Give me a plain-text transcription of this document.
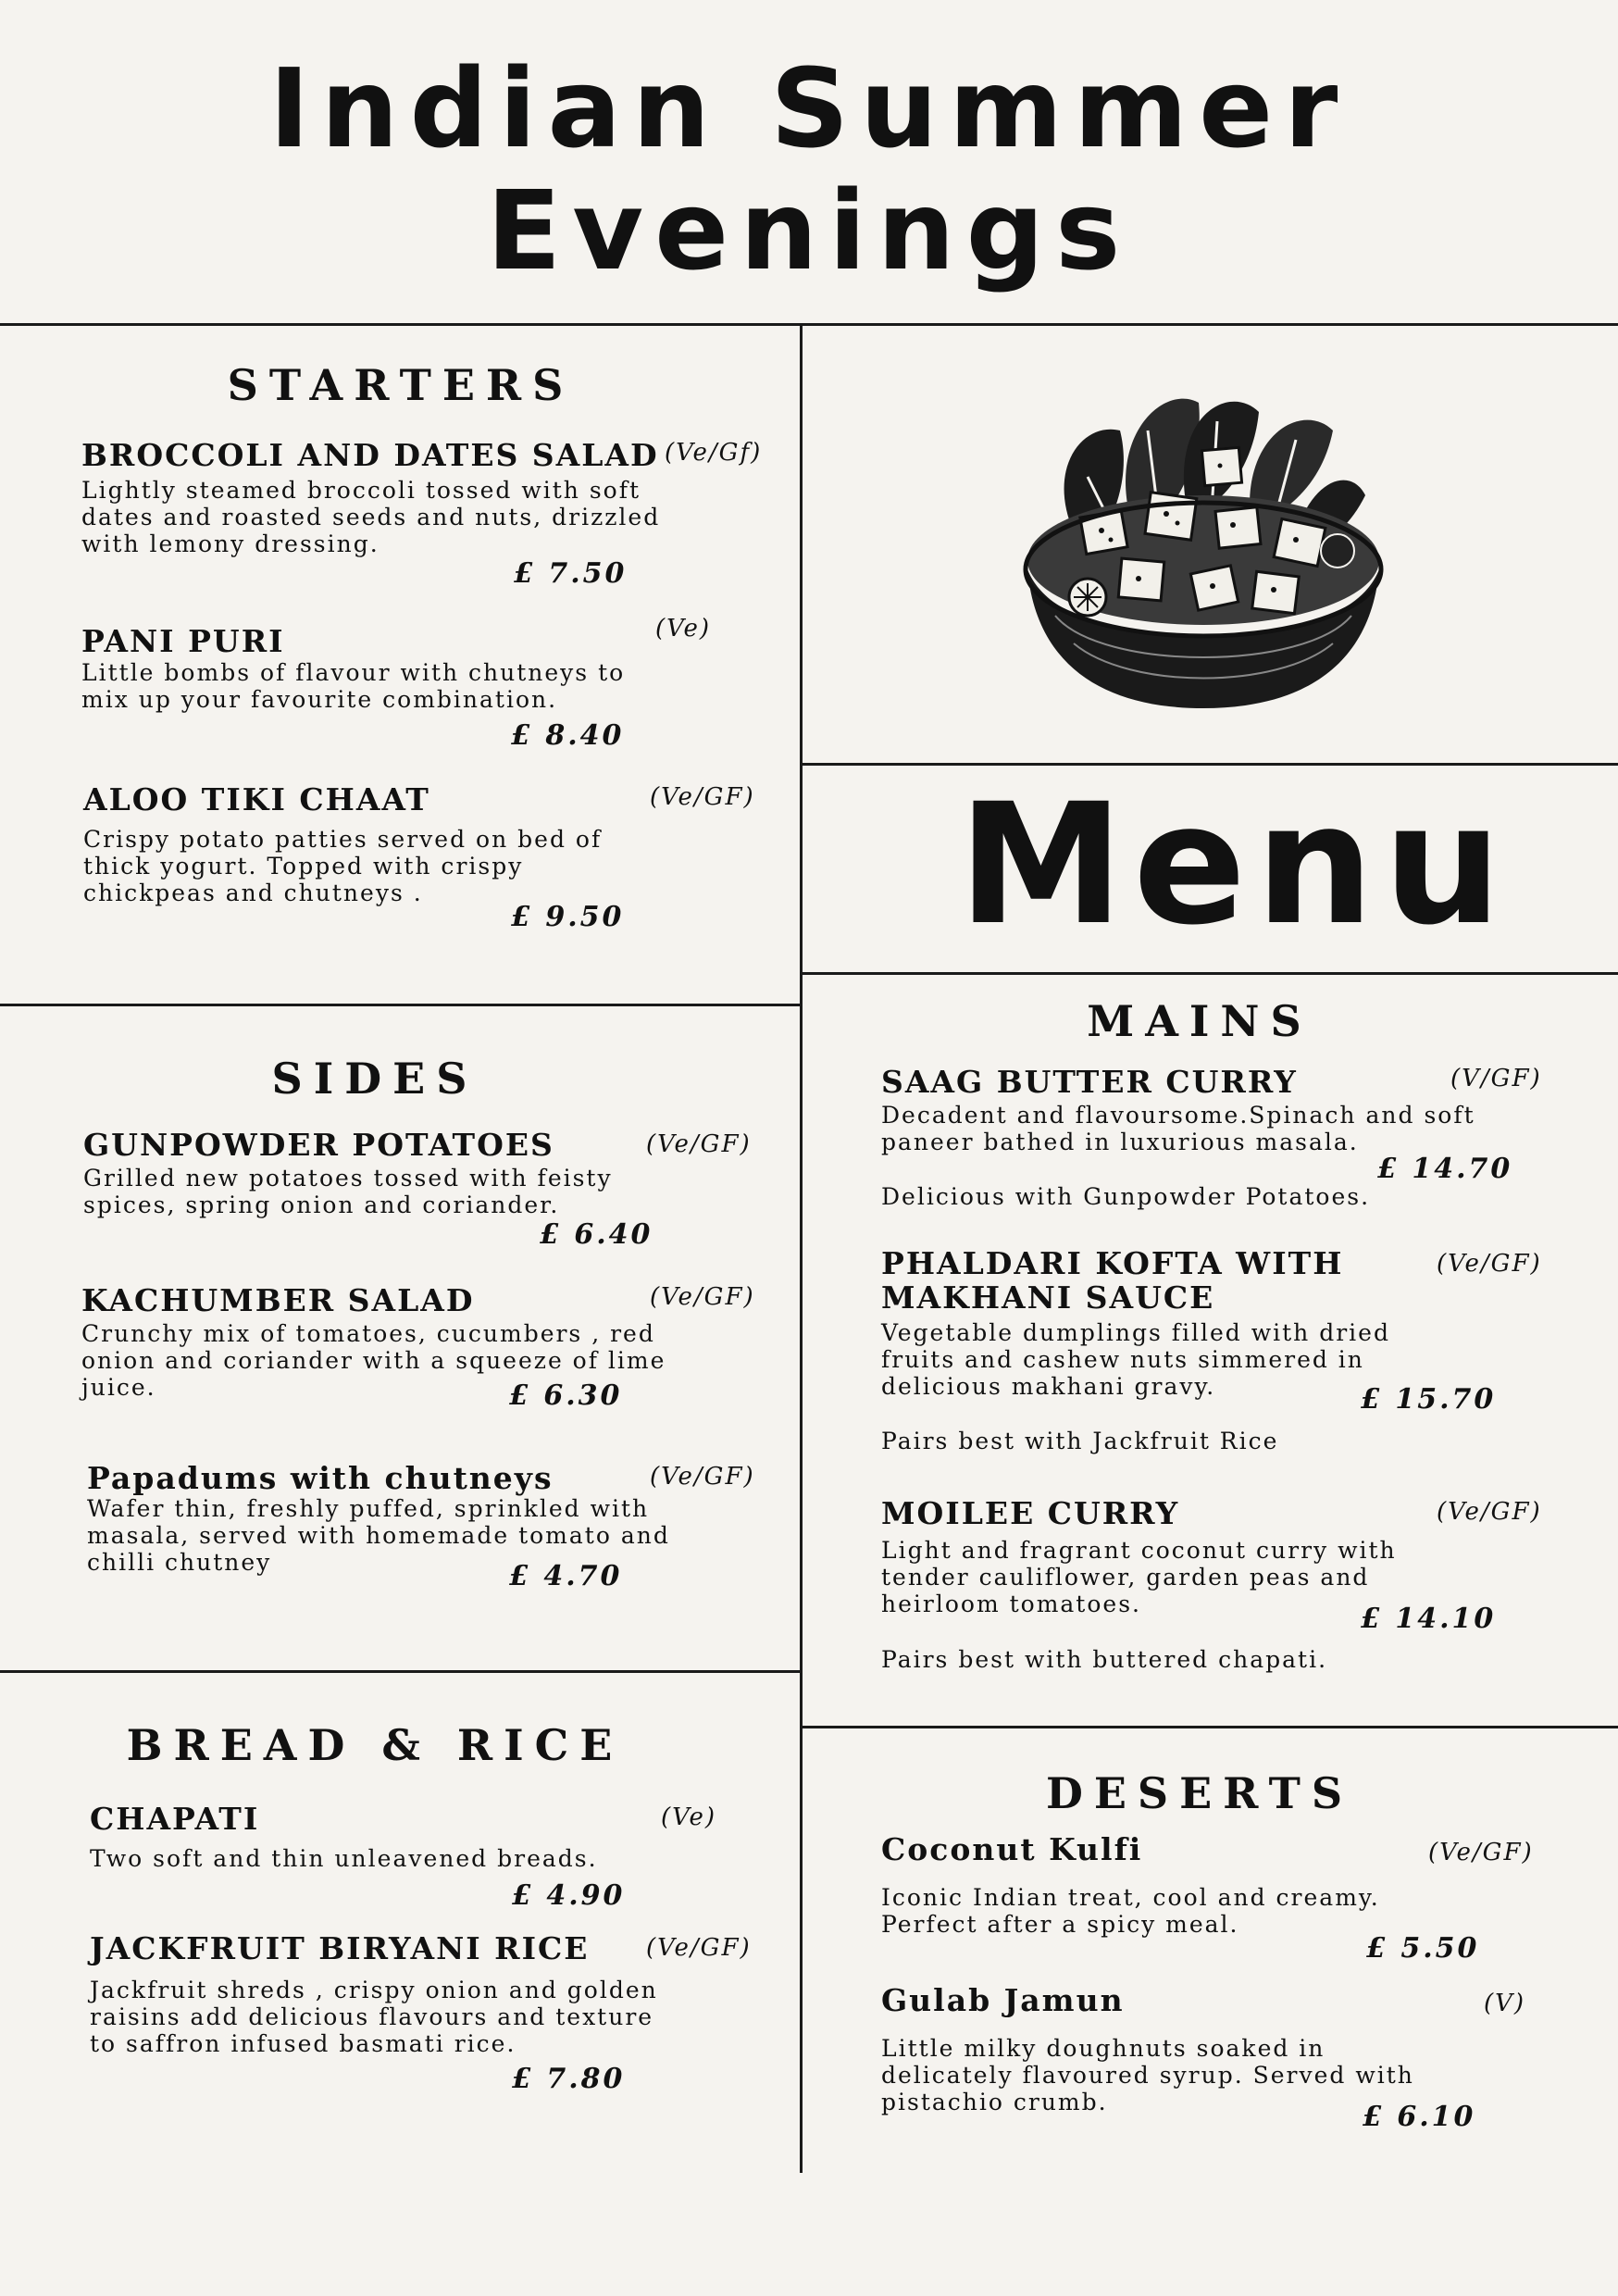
Indian Summer
Evenings
Menu
STARTERS
BROCCOLI AND DATES SALAD (Ve/Gf)
Lightly steamed broccoli tossed with soft dates and roasted seeds and nuts, drizzled with lemony dressing.
£ 7.50
PANI PURI	(Ve)
Little bombs of flavour with chutneys to mix up your favourite combination.
£ 8.40
ALOO TIKI CHAAT	(Ve/GF)
Crispy potato patties served on bed of thick yogurt. Topped with crispy chickpeas and chutneys .
£ 9.50
SIDES
GUNPOWDER POTATOES	(Ve/GF)
Grilled new potatoes tossed with feisty spices, spring onion and coriander.
£ 6.40
KACHUMBER SALAD	(Ve/GF)
Crunchy mix of tomatoes, cucumbers , red onion and coriander with a squeeze of lime juice.	£ 6.30
Papadums with chutneys	(Ve/GF)
Wafer thin, freshly puffed, sprinkled with masala, served with homemade tomato and chilli chutney	£ 4.70
BREAD & RICE
CHAPATI	(Ve)
Two soft and thin unleavened breads.
£ 4.90
JACKFRUIT BIRYANI RICE (Ve/GF)
Jackfruit shreds , crispy onion and golden raisins add delicious flavours and texture to saffron infused basmati rice.
£ 7.80
MAINS
SAAG BUTTER CURRY	(V/GF)
Decadent and flavoursome.Spinach and soft paneer bathed in luxurious masala.
£ 14.70
Delicious with Gunpowder Potatoes.
PHALDARI KOFTA WITH MAKHANI SAUCE
(Ve/GF)
Vegetable dumplings filled with dried fruits and cashew nuts simmered in delicious makhani gravy.	£ 15.70
Pairs best with Jackfruit Rice
MOILEE CURRY	(Ve/GF)
Light and fragrant coconut curry with tender cauliflower, garden peas and heirloom tomatoes.	£ 14.10
Pairs best with buttered chapati.
DESERTS
Coconut Kulfi	(Ve/GF)
Iconic Indian treat, cool and creamy. Perfect after a spicy meal.
£ 5.50
Gulab Jamun	(V)
Little milky doughnuts soaked in delicately flavoured syrup. Served with pistachio crumb.	£ 6.10
